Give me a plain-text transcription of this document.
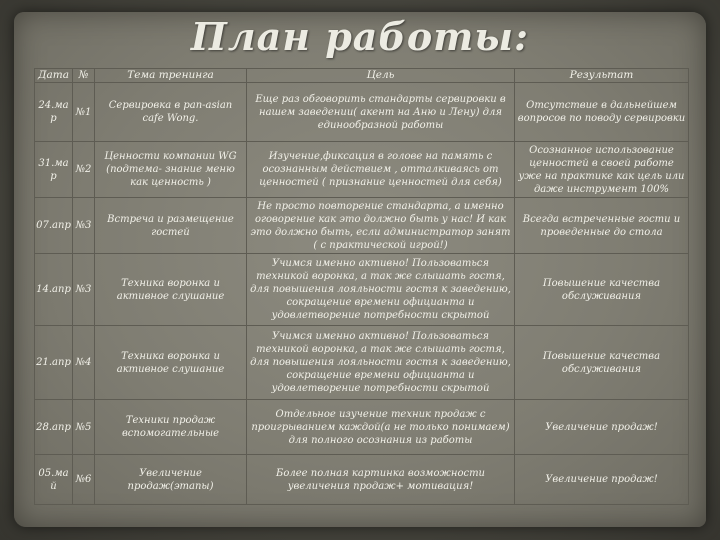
План работы:
Дата	№	Тема тренинга	Цель	Результат
24.мар	№1	Сервировка в pan-asian cafe Wong.	Еще раз обговорить стандарты сервировки в нашем заведении( акент на Аню и Лену) для единообразной работы	Отсутствие в дальнейшем вопросов по поводу сервировки
31.мар	№2	Ценности компании WG (подтема- знание меню как ценность )	Изучение,фиксация в голове на память с осознанным действием , отталкиваясь от ценностей ( признание ценностей для себя)	Осознанное использование ценностей в своей работе уже на практике как цель или даже инструмент 100%
07.апр	№3	Встреча и размещение гостей	Не просто повторение стандарта, а именно оговорение как это должно быть у нас! И как это должно быть, если администратор занят ( с практической игрой!)	Всегда встреченные гости и проведенные до стола
14.апр	№3	Техника воронка и активное слушание	Учимcя именно активно! Пользоваться техникой воронка, а так же слышать гостя, для повышения лояльности гостя к заведению, сокращение времени официанта и удовлетворение потребности скрытой	Повышение качества обслуживания
21.апр	№4	Техника воронка и активное слушание	Учимcя именно активно! Пользоваться техникой воронка, а так же слышать гостя, для повышения лояльности гостя к заведению, сокращение времени официанта и удовлетворение потребности скрытой	Повышение качества обслуживания
28.апр	№5	Техники продаж вспомогательные	Отдельное изучение техник продаж с проигрыванием каждой(а не только понимаем) для полного осознания из работы	Увеличение продаж!
05.май	№6	Увеличение продаж(этапы)	Более полная картинка возможности увеличения продаж+ мотивация!	Увеличение продаж!
